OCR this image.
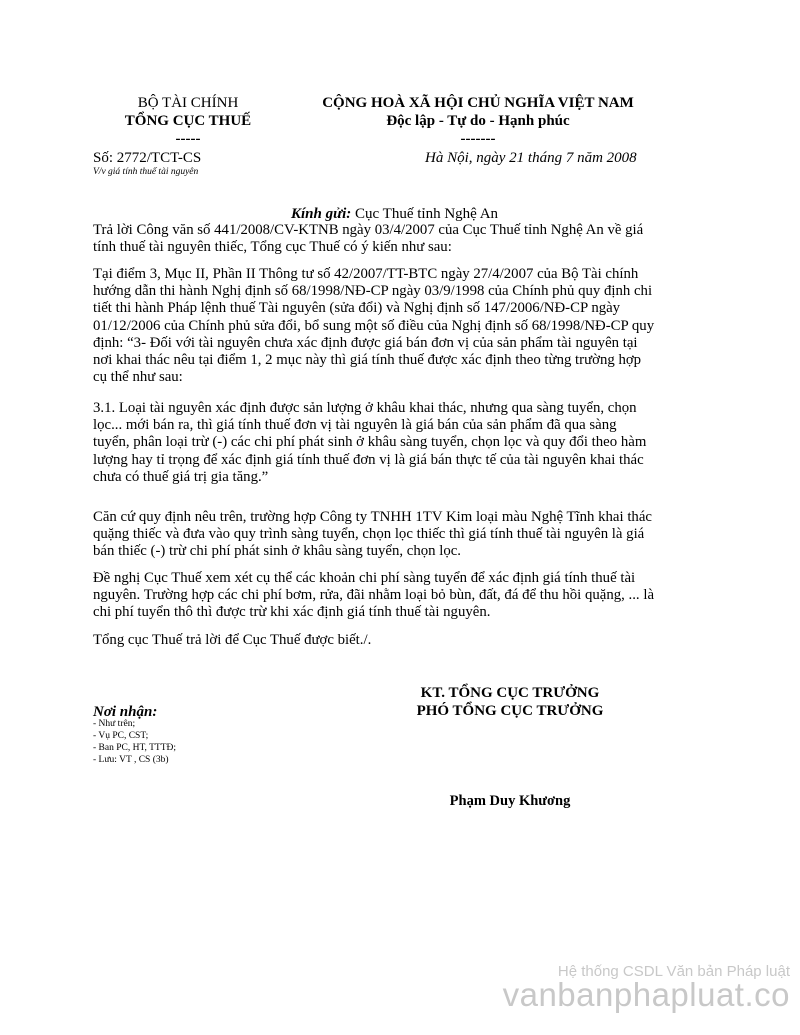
BỘ TÀI CHÍNH
TỔNG CỤC THUẾ
-----
Số: 2772/TCT-CS
V/v giá tính thuế tài nguyên
CỘNG HOÀ XÃ HỘI CHỦ NGHĨA VIỆT NAM
Độc lập - Tự do - Hạnh phúc
-------
Hà Nội, ngày 21 tháng 7 năm 2008
Kính gửi: Cục Thuế tỉnh Nghệ An
Trả lời Công văn số 441/2008/CV-KTNB ngày 03/4/2007 của Cục Thuế tỉnh Nghệ An về giá tính thuế tài nguyên thiếc, Tổng cục Thuế có ý kiến như sau:
Tại điểm 3, Mục II, Phần II Thông tư số 42/2007/TT-BTC ngày 27/4/2007 của Bộ Tài chính hướng dẫn thi hành Nghị định số 68/1998/NĐ-CP ngày 03/9/1998 của Chính phủ quy định chi tiết thi hành Pháp lệnh thuế Tài nguyên (sửa đổi) và Nghị định số 147/2006/NĐ-CP ngày 01/12/2006 của Chính phủ sửa đổi, bổ sung một số điều của Nghị định số 68/1998/NĐ-CP quy định: “3- Đối với tài nguyên chưa xác định được giá bán đơn vị của sản phẩm tài nguyên tại nơi khai thác nêu tại điểm 1, 2 mục này thì giá tính thuế được xác định theo từng trường hợp cụ thể như sau:
3.1. Loại tài nguyên xác định được sản lượng ở khâu khai thác, nhưng qua sàng tuyển, chọn lọc... mới bán ra, thì giá tính thuế đơn vị tài nguyên là giá bán của sản phẩm đã qua sàng tuyển, phân loại trừ (-) các chi phí phát sinh ở khâu sàng tuyển, chọn lọc và quy đổi theo hàm lượng hay tỉ trọng để xác định giá tính thuế đơn vị là giá bán thực tế của tài nguyên khai thác chưa có thuế giá trị gia tăng.”
Căn cứ quy định nêu trên, trường hợp Công ty TNHH 1TV Kim loại màu Nghệ Tĩnh khai thác quặng thiếc và đưa vào quy trình sàng tuyển, chọn lọc thiếc thì giá tính thuế tài nguyên là giá bán thiếc (-) trừ chi phí phát sinh ở khâu sàng tuyển, chọn lọc.
Đề nghị Cục Thuế xem xét cụ thể các khoản chi phí sàng tuyển để xác định giá tính thuế tài nguyên. Trường hợp các chi phí bơm, rửa, đãi nhằm loại bỏ bùn, đất, đá để thu hồi quặng, ... là chi phí tuyển thô thì được trừ khi xác định giá tính thuế tài nguyên.
Tổng cục Thuế trả lời để Cục Thuế được biết./.
Nơi nhận:
- Như trên;
- Vụ PC, CST;
- Ban PC, HT, TTTĐ;
- Lưu: VT , CS (3b)
KT. TỔNG CỤC TRƯỞNG
PHÓ TỔNG CỤC TRƯỞNG
Phạm Duy Khương
Hệ thống CSDL Văn bản Pháp luật
vanbanphapluat.co
